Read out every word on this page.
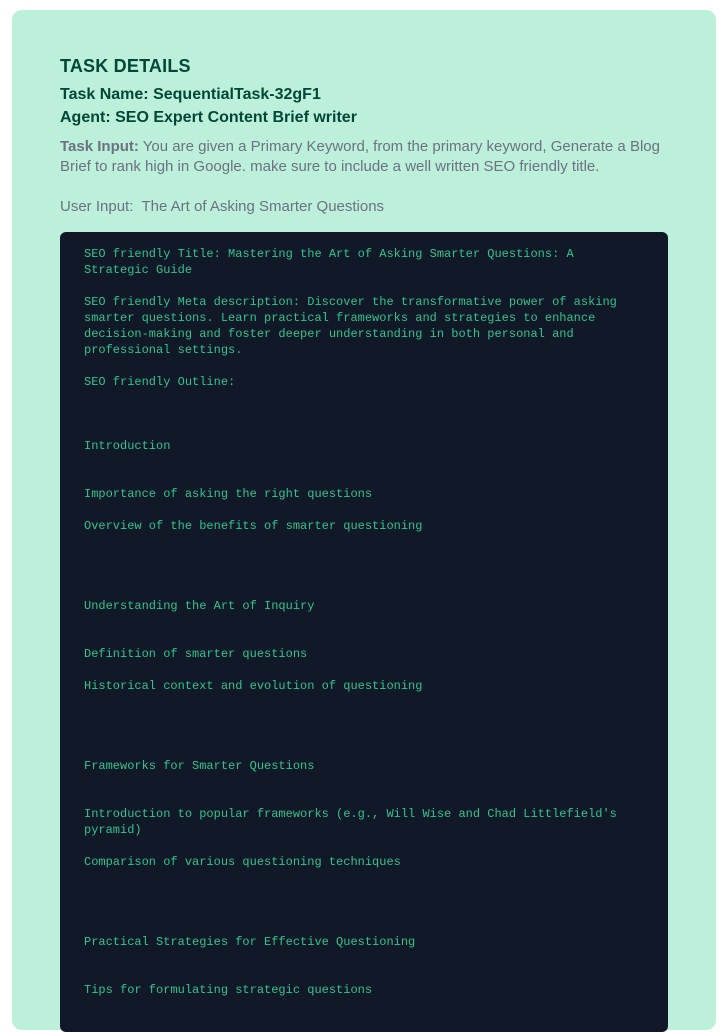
TASK DETAILS
Task Name: SequentialTask-32gF1
Agent: SEO Expert Content Brief writer

Task Input: You are given a Primary Keyword, from the primary keyword, Generate a Blog Brief to rank high in Google. make sure to include a well written SEO friendly title.

User Input: The Art of Asking Smarter Questions

SEO friendly Title: Mastering the Art of Asking Smarter Questions: A Strategic Guide
SEO friendly Meta description: Discover the transformative power of asking smarter questions. Learn practical frameworks and strategies to enhance decision-making and foster deeper understanding in both personal and professional settings.
SEO friendly Outline:
Introduction
Importance of asking the right questions
Overview of the benefits of smarter questioning
Understanding the Art of Inquiry
Definition of smarter questions
Historical context and evolution of questioning
Frameworks for Smarter Questions
Introduction to popular frameworks (e.g., Will Wise and Chad Littlefield's pyramid)
Comparison of various questioning techniques
Practical Strategies for Effective Questioning
Tips for formulating strategic questions
